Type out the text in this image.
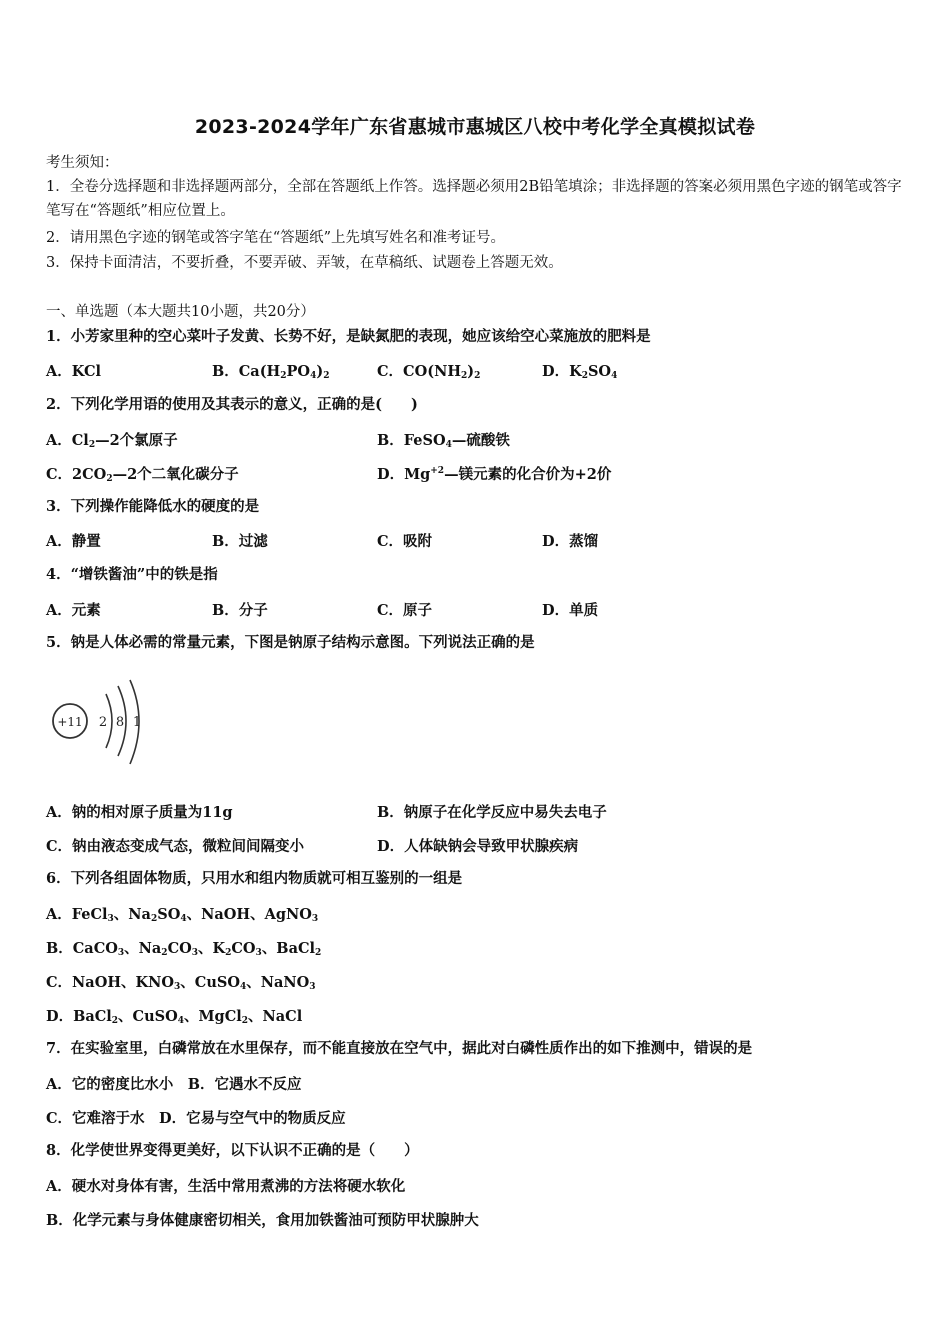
2023-2024学年广东省惠城市惠城区八校中考化学全真模拟试卷
考生须知：
1．全卷分选择题和非选择题两部分，全部在答题纸上作答。选择题必须用2B铅笔填涂；非选择题的答案必须用黑色字迹的钢笔或答字笔写在“答题纸”相应位置上。
2．请用黑色字迹的钢笔或答字笔在“答题纸”上先填写姓名和准考证号。
3．保持卡面清洁，不要折叠，不要弄破、弄皱，在草稿纸、试题卷上答题无效。
一、单选题（本大题共10小题，共20分）
1．小芳家里种的空心菜叶子发黄、长势不好，是缺氮肥的表现，她应该给空心菜施放的肥料是
A．KCl	B．$Ca(H_2PO_4)_2$	C．$CO(NH_2)_2$	D．$K_2SO_4$
2．下列化学用语的使用及其表示的意义，正确的是(　　)
A．$Cl_2—2$个氯原子	B．FeSO$_4$—硫酸铁
C．$2CO_2—2$个二氧化碳分子	D．$Mg^{+2}—$镁元素的化合价为+2价
3．下列操作能降低水的硬度的是
A．静置	B．过滤	C．吸附	D．蒸馏
4．“增铁酱油”中的铁是指
A．元素	B．分子	C．原子	D．单质
5．钠是人体必需的常量元素，下图是钠原子结构示意图。下列说法正确的是
+11 2 8 1
A．钠的相对原子质量为11g	B．钠原子在化学反应中易失去电子
C．钠由液态变成气态，微粒间间隔变小	D．人体缺钠会导致甲状腺疾病
6．下列各组固体物质，只用水和组内物质就可相互鉴别的一组是
A．FeCl$_3$、$Na_2SO_4$、NaOH、AgNO$_3$
B．CaCO$_3$、$Na_2CO_3$、$K_2CO_3$、BaCl$_2$
C．NaOH、$KNO_3$、CuSO$_4$、NaNO$_3$
D．BaCl$_2$、CuSO$_4$、MgCl$_2$、NaCl
7．在实验室里，白磷常放在水里保存，而不能直接放在空气中，据此对白磷性质作出的如下推测中，错误的是
A．它的密度比水小　B．它遇水不反应
C．它难溶于水　D．它易与空气中的物质反应
8．化学使世界变得更美好，以下认识不正确的是（　　）
A．硬水对身体有害，生活中常用煮沸的方法将硬水软化
B．化学元素与身体健康密切相关，食用加铁酱油可预防甲状腺肿大
